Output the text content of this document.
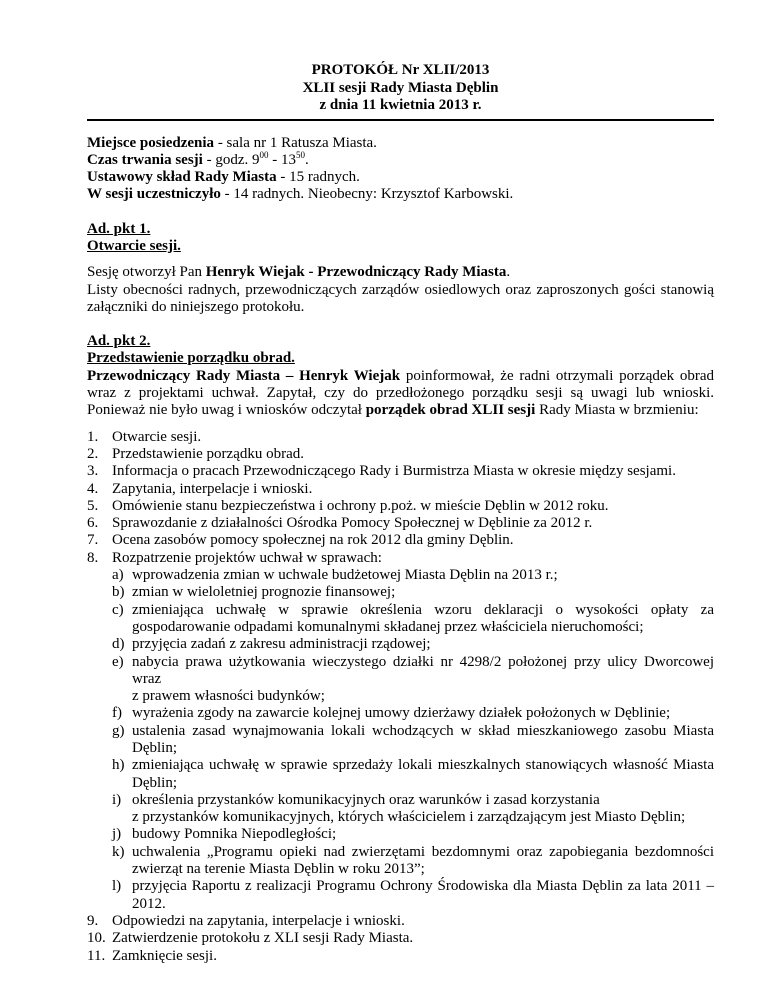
PROTOKÓŁ Nr XLII/2013
XLII sesji Rady Miasta Dęblin
z dnia 11 kwietnia 2013 r.
Miejsce posiedzenia - sala nr 1 Ratusza Miasta.
Czas trwania sesji - godz. $9^{00} - 13^{50}$.
Ustawowy skład Rady Miasta - 15 radnych.
W sesji uczestniczyło - 14 radnych. Nieobecny: Krzysztof Karbowski.
Ad. pkt 1.
Otwarcie sesji.
Sesję otworzył Pan Henryk Wiejak - Przewodniczący Rady Miasta.
Listy obecności radnych, przewodniczących zarządów osiedlowych oraz zaproszonych gości stanowią załączniki do niniejszego protokołu.
Ad. pkt 2.
Przedstawienie porządku obrad.
Przewodniczący Rady Miasta – Henryk Wiejak poinformował, że radni otrzymali porządek obrad wraz z projektami uchwał. Zapytał, czy do przedłożonego porządku sesji są uwagi lub wnioski. Ponieważ nie było uwag i wniosków odczytał porządek obrad XLII sesji Rady Miasta w brzmieniu:
1. Otwarcie sesji.
2. Przedstawienie porządku obrad.
3. Informacja o pracach Przewodniczącego Rady i Burmistrza Miasta w okresie między sesjami.
4. Zapytania, interpelacje i wnioski.
5. Omówienie stanu bezpieczeństwa i ochrony p.poż. w mieście Dęblin w 2012 roku.
6. Sprawozdanie z działalności Ośrodka Pomocy Społecznej w Dęblinie za 2012 r.
7. Ocena zasobów pomocy społecznej na rok 2012 dla gminy Dęblin.
8. Rozpatrzenie projektów uchwał w sprawach:
a) wprowadzenia zmian w uchwale budżetowej Miasta Dęblin na 2013 r.;
b) zmian w wieloletniej prognozie finansowej;
c) zmieniająca uchwałę w sprawie określenia wzoru deklaracji o wysokości opłaty za gospodarowanie odpadami komunalnymi składanej przez właściciela nieruchomości;
d) przyjęcia zadań z zakresu administracji rządowej;
e) nabycia prawa użytkowania wieczystego działki nr 4298/2 położonej przy ulicy Dworcowej wraz
z prawem własności budynków;
f) wyrażenia zgody na zawarcie kolejnej umowy dzierżawy działek położonych w Dęblinie;
g) ustalenia zasad wynajmowania lokali wchodzących w skład mieszkaniowego zasobu Miasta Dęblin;
h) zmieniająca uchwałę w sprawie sprzedaży lokali mieszkalnych stanowiących własność Miasta Dęblin;
i) określenia przystanków komunikacyjnych oraz warunków i zasad korzystania
z przystanków komunikacyjnych, których właścicielem i zarządzającym jest Miasto Dęblin;
j) budowy Pomnika Niepodległości;
k) uchwalenia „Programu opieki nad zwierzętami bezdomnymi oraz zapobiegania bezdomności zwierząt na terenie Miasta Dęblin w roku 2013”;
l) przyjęcia Raportu z realizacji Programu Ochrony Środowiska dla Miasta Dęblin za lata 2011 – 2012.
9. Odpowiedzi na zapytania, interpelacje i wnioski.
10. Zatwierdzenie protokołu z XLI sesji Rady Miasta.
11. Zamknięcie sesji.
